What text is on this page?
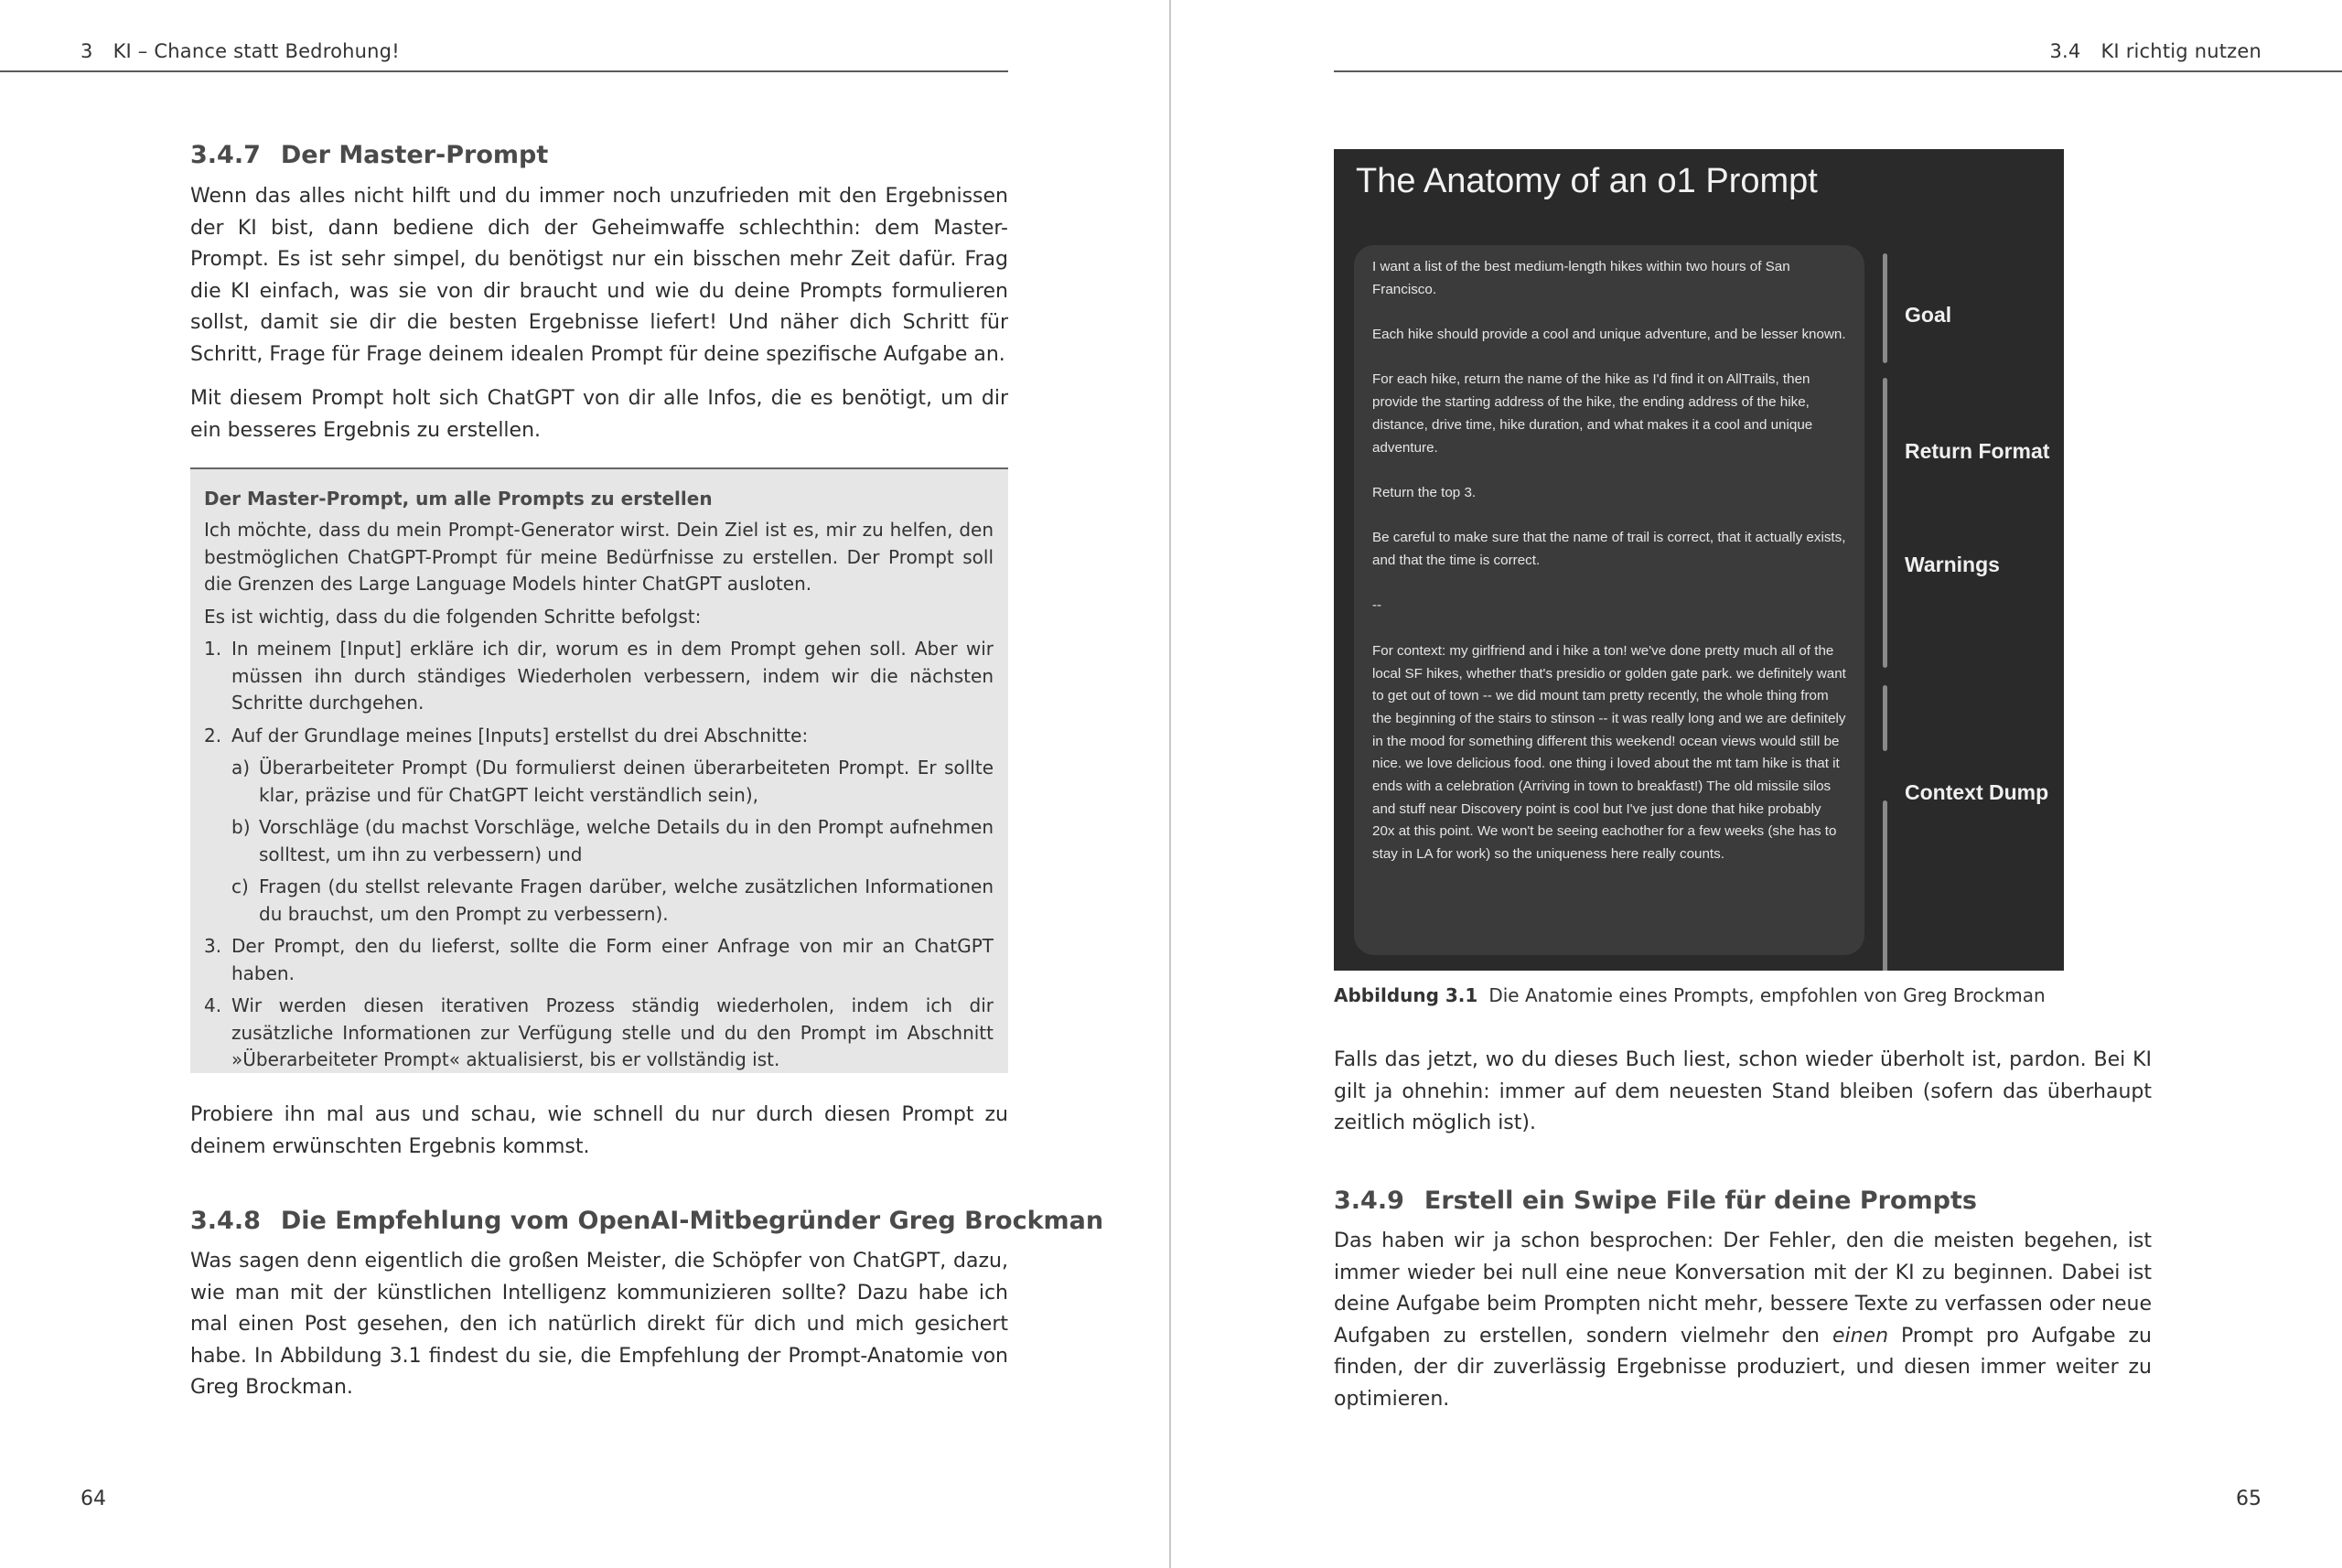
3 KI – Chance statt Bedrohung!
3.4.7 Der Master-Prompt

Wenn das alles nicht hilft und du immer noch unzufrieden mit den Ergebnissen der KI bist, dann bediene dich der Geheimwaffe schlechthin: dem Master-Prompt. Es ist sehr simpel, du benötigst nur ein bisschen mehr Zeit dafür. Frag die KI einfach, was sie von dir braucht und wie du deine Prompts formulieren sollst, damit sie dir die besten Ergebnisse liefert! Und näher dich Schritt für Schritt, Frage für Frage deinem idealen Prompt für deine spezifische Aufgabe an.

Mit diesem Prompt holt sich ChatGPT von dir alle Infos, die es benötigt, um dir ein besseres Ergebnis zu erstellen.

Der Master-Prompt, um alle Prompts zu erstellen

Ich möchte, dass du mein Prompt-Generator wirst. Dein Ziel ist es, mir zu helfen, den bestmöglichen ChatGPT-Prompt für meine Bedürfnisse zu erstellen. Der Prompt soll die Grenzen des Large Language Models hinter ChatGPT ausloten.

Es ist wichtig, dass du die folgenden Schritte befolgst:

1. In meinem [Input] erkläre ich dir, worum es in dem Prompt gehen soll. Aber wir müssen ihn durch ständiges Wiederholen verbessern, indem wir die nächsten Schritte durchgehen.
2. Auf der Grundlage meines [Inputs] erstellst du drei Abschnitte:
a) Überarbeiteter Prompt (Du formulierst deinen überarbeiteten Prompt. Er sollte klar, präzise und für ChatGPT leicht verständlich sein),
b) Vorschläge (du machst Vorschläge, welche Details du in den Prompt aufnehmen solltest, um ihn zu verbessern) und
c) Fragen (du stellst relevante Fragen darüber, welche zusätzlichen Informationen du brauchst, um den Prompt zu verbessern).
3. Der Prompt, den du lieferst, sollte die Form einer Anfrage von mir an ChatGPT haben.
4. Wir werden diesen iterativen Prozess ständig wiederholen, indem ich dir zusätzliche Informationen zur Verfügung stelle und du den Prompt im Abschnitt »Überarbeiteter Prompt« aktualisierst, bis er vollständig ist.

Probiere ihn mal aus und schau, wie schnell du nur durch diesen Prompt zu deinem erwünschten Ergebnis kommst.

3.4.8 Die Empfehlung vom OpenAI-Mitbegründer Greg Brockman

Was sagen denn eigentlich die großen Meister, die Schöpfer von ChatGPT, dazu, wie man mit der künstlichen Intelligenz kommunizieren sollte? Dazu habe ich mal einen Post gesehen, den ich natürlich direkt für dich und mich gesichert habe. In Abbildung 3.1 findest du sie, die Empfehlung der Prompt-Anatomie von Greg Brockman.

64
3.4 KI richtig nutzen

Falls das jetzt, wo du dieses Buch liest, schon wieder überholt ist, pardon. Bei KI gilt ja ohnehin: immer auf dem neuesten Stand bleiben (sofern das überhaupt zeitlich möglich ist).

3.4.9 Erstell ein Swipe File für deine Prompts

Das haben wir ja schon besprochen: Der Fehler, den die meisten begehen, ist immer wieder bei null eine neue Konversation mit der KI zu beginnen. Dabei ist deine Aufgabe beim Prompten nicht mehr, bessere Texte zu verfassen oder neue Aufgaben zu erstellen, sondern vielmehr den einen Prompt pro Aufgabe zu finden, der dir zuverlässig Ergebnisse produziert, und diesen immer weiter zu optimieren.

65
The Anatomy of an o1 Prompt

I want a list of the best medium-length hikes within two hours of San Francisco.

Each hike should provide a cool and unique adventure, and be lesser known.

For each hike, return the name of the hike as I'd find it on AllTrails, then provide the starting address of the hike, the ending address of the hike, distance, drive time, hike duration, and what makes it a cool and unique adventure.

Return the top 3.

Be careful to make sure that the name of trail is correct, that it actually exists, and that the time is correct.

--

For context: my girlfriend and i hike a ton! we've done pretty much all of the local SF hikes, whether that's presidio or golden gate park. we definitely want to get out of town -- we did mount tam pretty recently, the whole thing from the beginning of the stairs to stinson -- it was really long and we are definitely in the mood for something different this weekend! ocean views would still be nice. we love delicious food. one thing i loved about the mt tam hike is that it ends with a celebration (Arriving in town to breakfast!) The old missile silos and stuff near Discovery point is cool but I've just done that hike probably 20x at this point. We won't be seeing eachother for a few weeks (she has to stay in LA for work) so the uniqueness here really counts.

Goal
Return Format
Warnings
Context Dump
Abbildung 3.1 Die Anatomie eines Prompts, empfohlen von Greg Brockman
